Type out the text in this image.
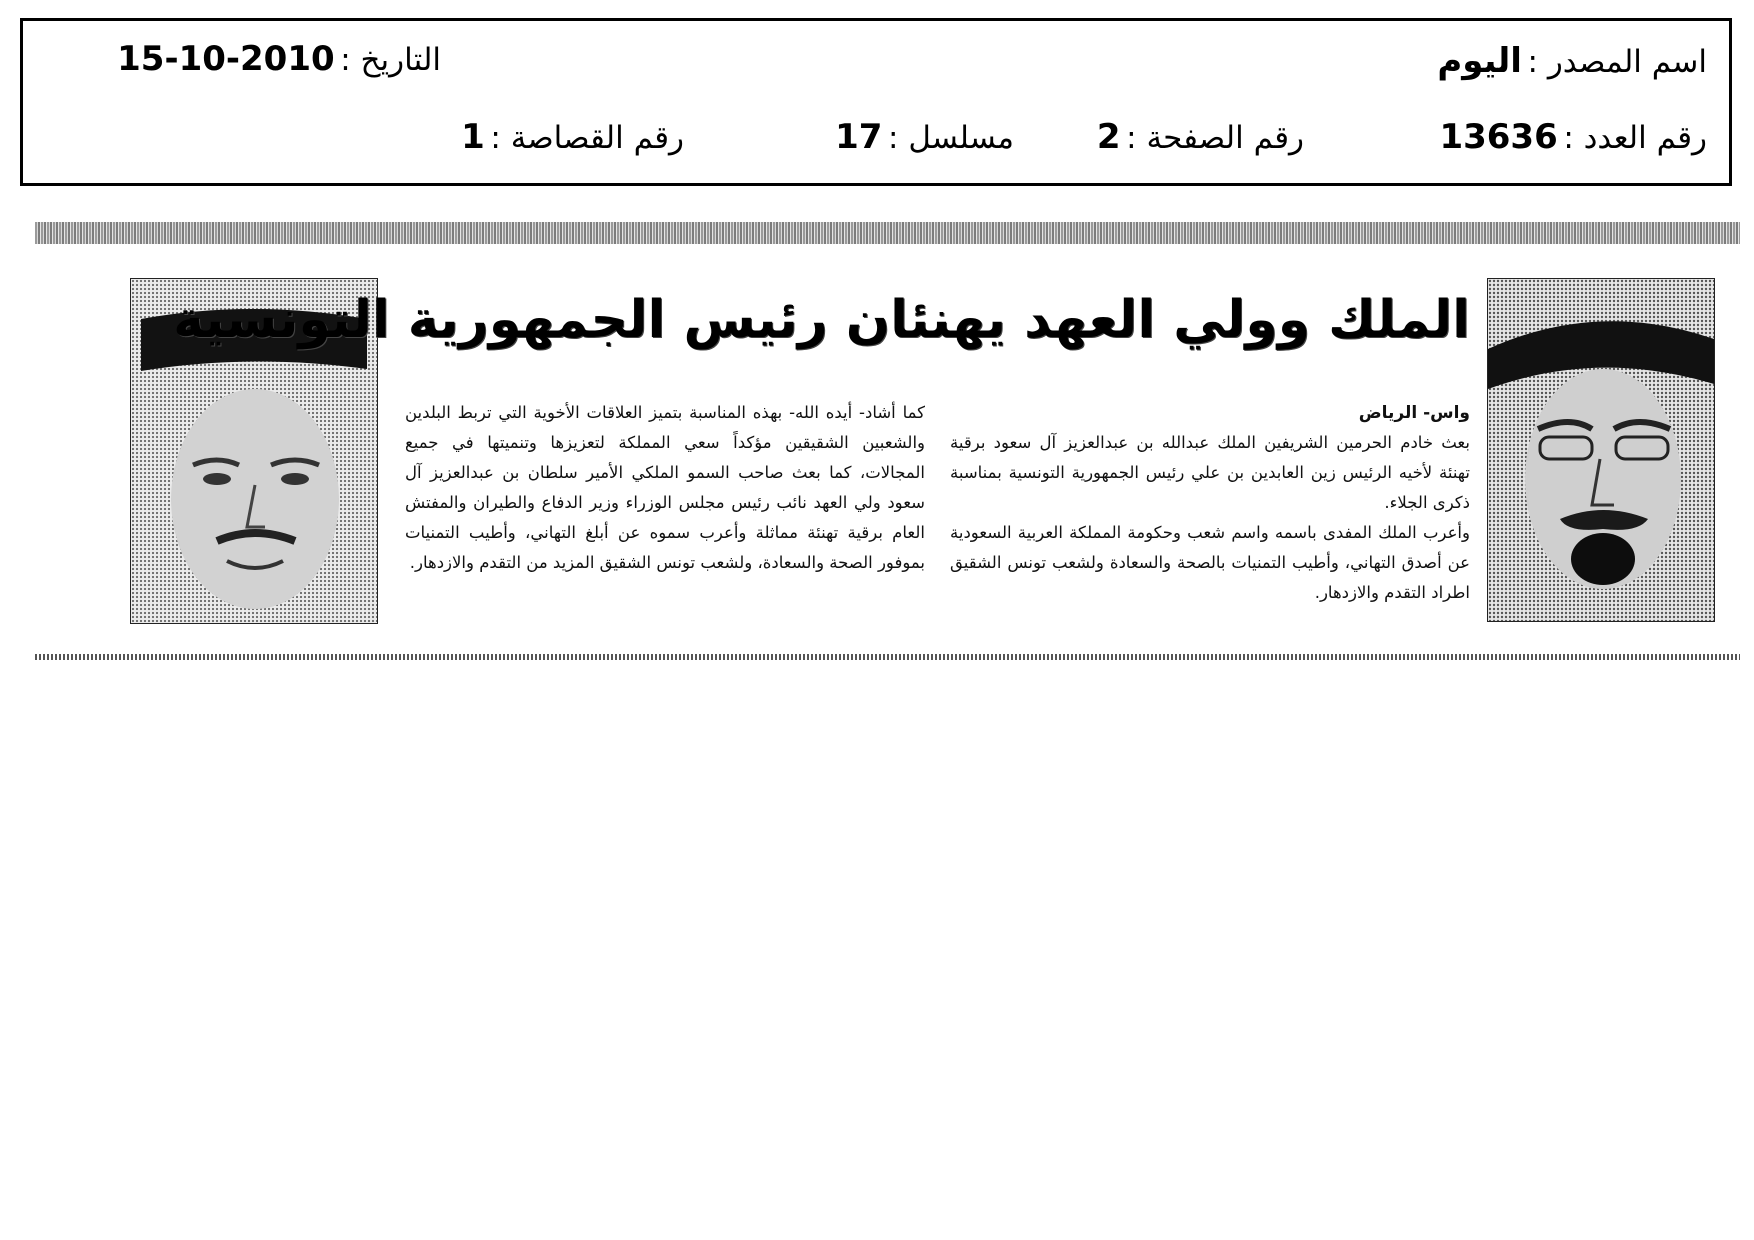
اسم المصدر : اليوم
التاريخ : 2010-10-15
رقم العدد : 13636
رقم الصفحة : 2
مسلسل : 17
رقم القصاصة : 1
الملك وولي العهد يهنئان رئيس الجمهورية التونسية

واس- الرياض

بعث خادم الحرمين الشريفين الملك عبدالله بن عبدالعزيز آل سعود برقية تهنئة لأخيه الرئيس زين العابدين بن علي رئيس الجمهورية التونسية بمناسبة ذكرى الجلاء.

وأعرب الملك المفدى باسمه واسم شعب وحكومة المملكة العربية السعودية عن أصدق التهاني، وأطيب التمنيات بالصحة والسعادة ولشعب تونس الشقيق اطراد التقدم والازدهار.

كما أشاد- أيده الله- بهذه المناسبة بتميز العلاقات الأخوية التي تربط البلدين والشعبين الشقيقين مؤكداً سعي المملكة لتعزيزها وتنميتها في جميع المجالات، كما بعث صاحب السمو الملكي الأمير سلطان بن عبدالعزيز آل سعود ولي العهد نائب رئيس مجلس الوزراء وزير الدفاع والطيران والمفتش العام برقية تهنئة مماثلة وأعرب سموه عن أبلغ التهاني، وأطيب التمنيات بموفور الصحة والسعادة، ولشعب تونس الشقيق المزيد من التقدم والازدهار.
